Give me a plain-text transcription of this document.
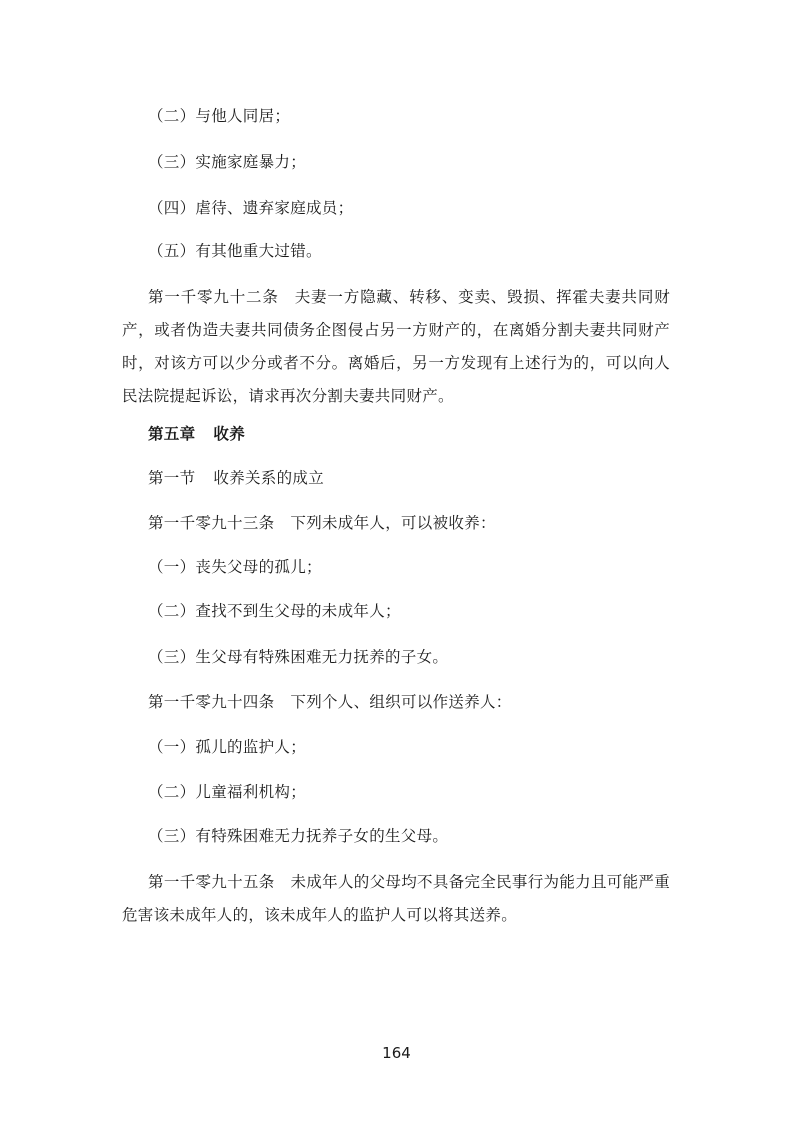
（二）与他人同居；
（三）实施家庭暴力；
（四）虐待、遗弃家庭成员；
（五）有其他重大过错。
第一千零九十二条 夫妻一方隐藏、转移、变卖、毁损、挥霍夫妻共同财产，或者伪造夫妻共同债务企图侵占另一方财产的，在离婚分割夫妻共同财产时，对该方可以少分或者不分。离婚后，另一方发现有上述行为的，可以向人民法院提起诉讼，请求再次分割夫妻共同财产。
第五章 收养
第一节 收养关系的成立
第一千零九十三条 下列未成年人，可以被收养：
（一）丧失父母的孤儿；
（二）查找不到生父母的未成年人；
（三）生父母有特殊困难无力抚养的子女。
第一千零九十四条 下列个人、组织可以作送养人：
（一）孤儿的监护人；
（二）儿童福利机构；
（三）有特殊困难无力抚养子女的生父母。
第一千零九十五条 未成年人的父母均不具备完全民事行为能力且可能严重危害该未成年人的，该未成年人的监护人可以将其送养。
164
